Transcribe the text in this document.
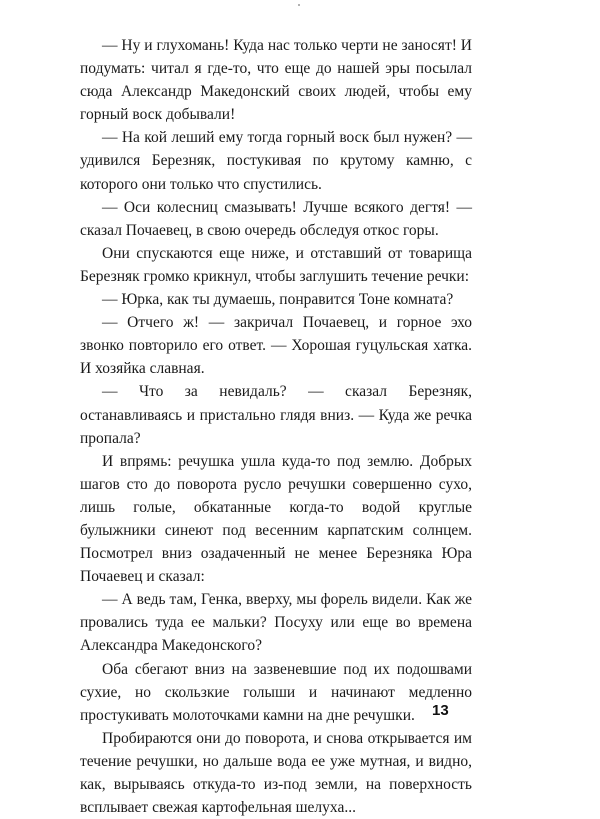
— Ну и глухомань! Куда нас только черти не заносят! И подумать: читал я где-то, что еще до нашей эры посылал сюда Александр Македонский своих людей, чтобы ему горный воск добывали!

— На кой леший ему тогда горный воск был нужен? — удивился Березняк, постукивая по крутому камню, с которого они только что спустились.

— Оси колесниц смазывать! Лучше всякого дегтя! — сказал Почаевец, в свою очередь обследуя откос горы.

Они спускаются еще ниже, и отставший от товарища Березняк громко крикнул, чтобы заглушить течение речки:

— Юрка, как ты думаешь, понравится Тоне комната?

— Отчего ж! — закричал Почаевец, и горное эхо звонко повторило его ответ. — Хорошая гуцульская хатка. И хозяйка славная.

— Что за невидаль? — сказал Березняк, останавливаясь и пристально глядя вниз. — Куда же речка пропала?

И впрямь: речушка ушла куда-то под землю. Добрых шагов сто до поворота русло речушки совершенно сухо, лишь голые, обкатанные когда-то водой круглые булыжники синеют под весенним карпатским солнцем. Посмотрел вниз озадаченный не менее Березняка Юра Почаевец и сказал:

— А ведь там, Генка, вверху, мы форель видели. Как же провались туда ее мальки? Посуху или еще во времена Александра Македонского?

Оба сбегают вниз на зазвеневшие под их подошвами сухие, но скользкие голыши и начинают медленно простукивать молоточками камни на дне речушки.

Пробираются они до поворота, и снова открывается им течение речушки, но дальше вода ее уже мутная, и видно, как, вырываясь откуда-то из-под земли, на поверхность всплывает свежая картофельная шелуха...

13
